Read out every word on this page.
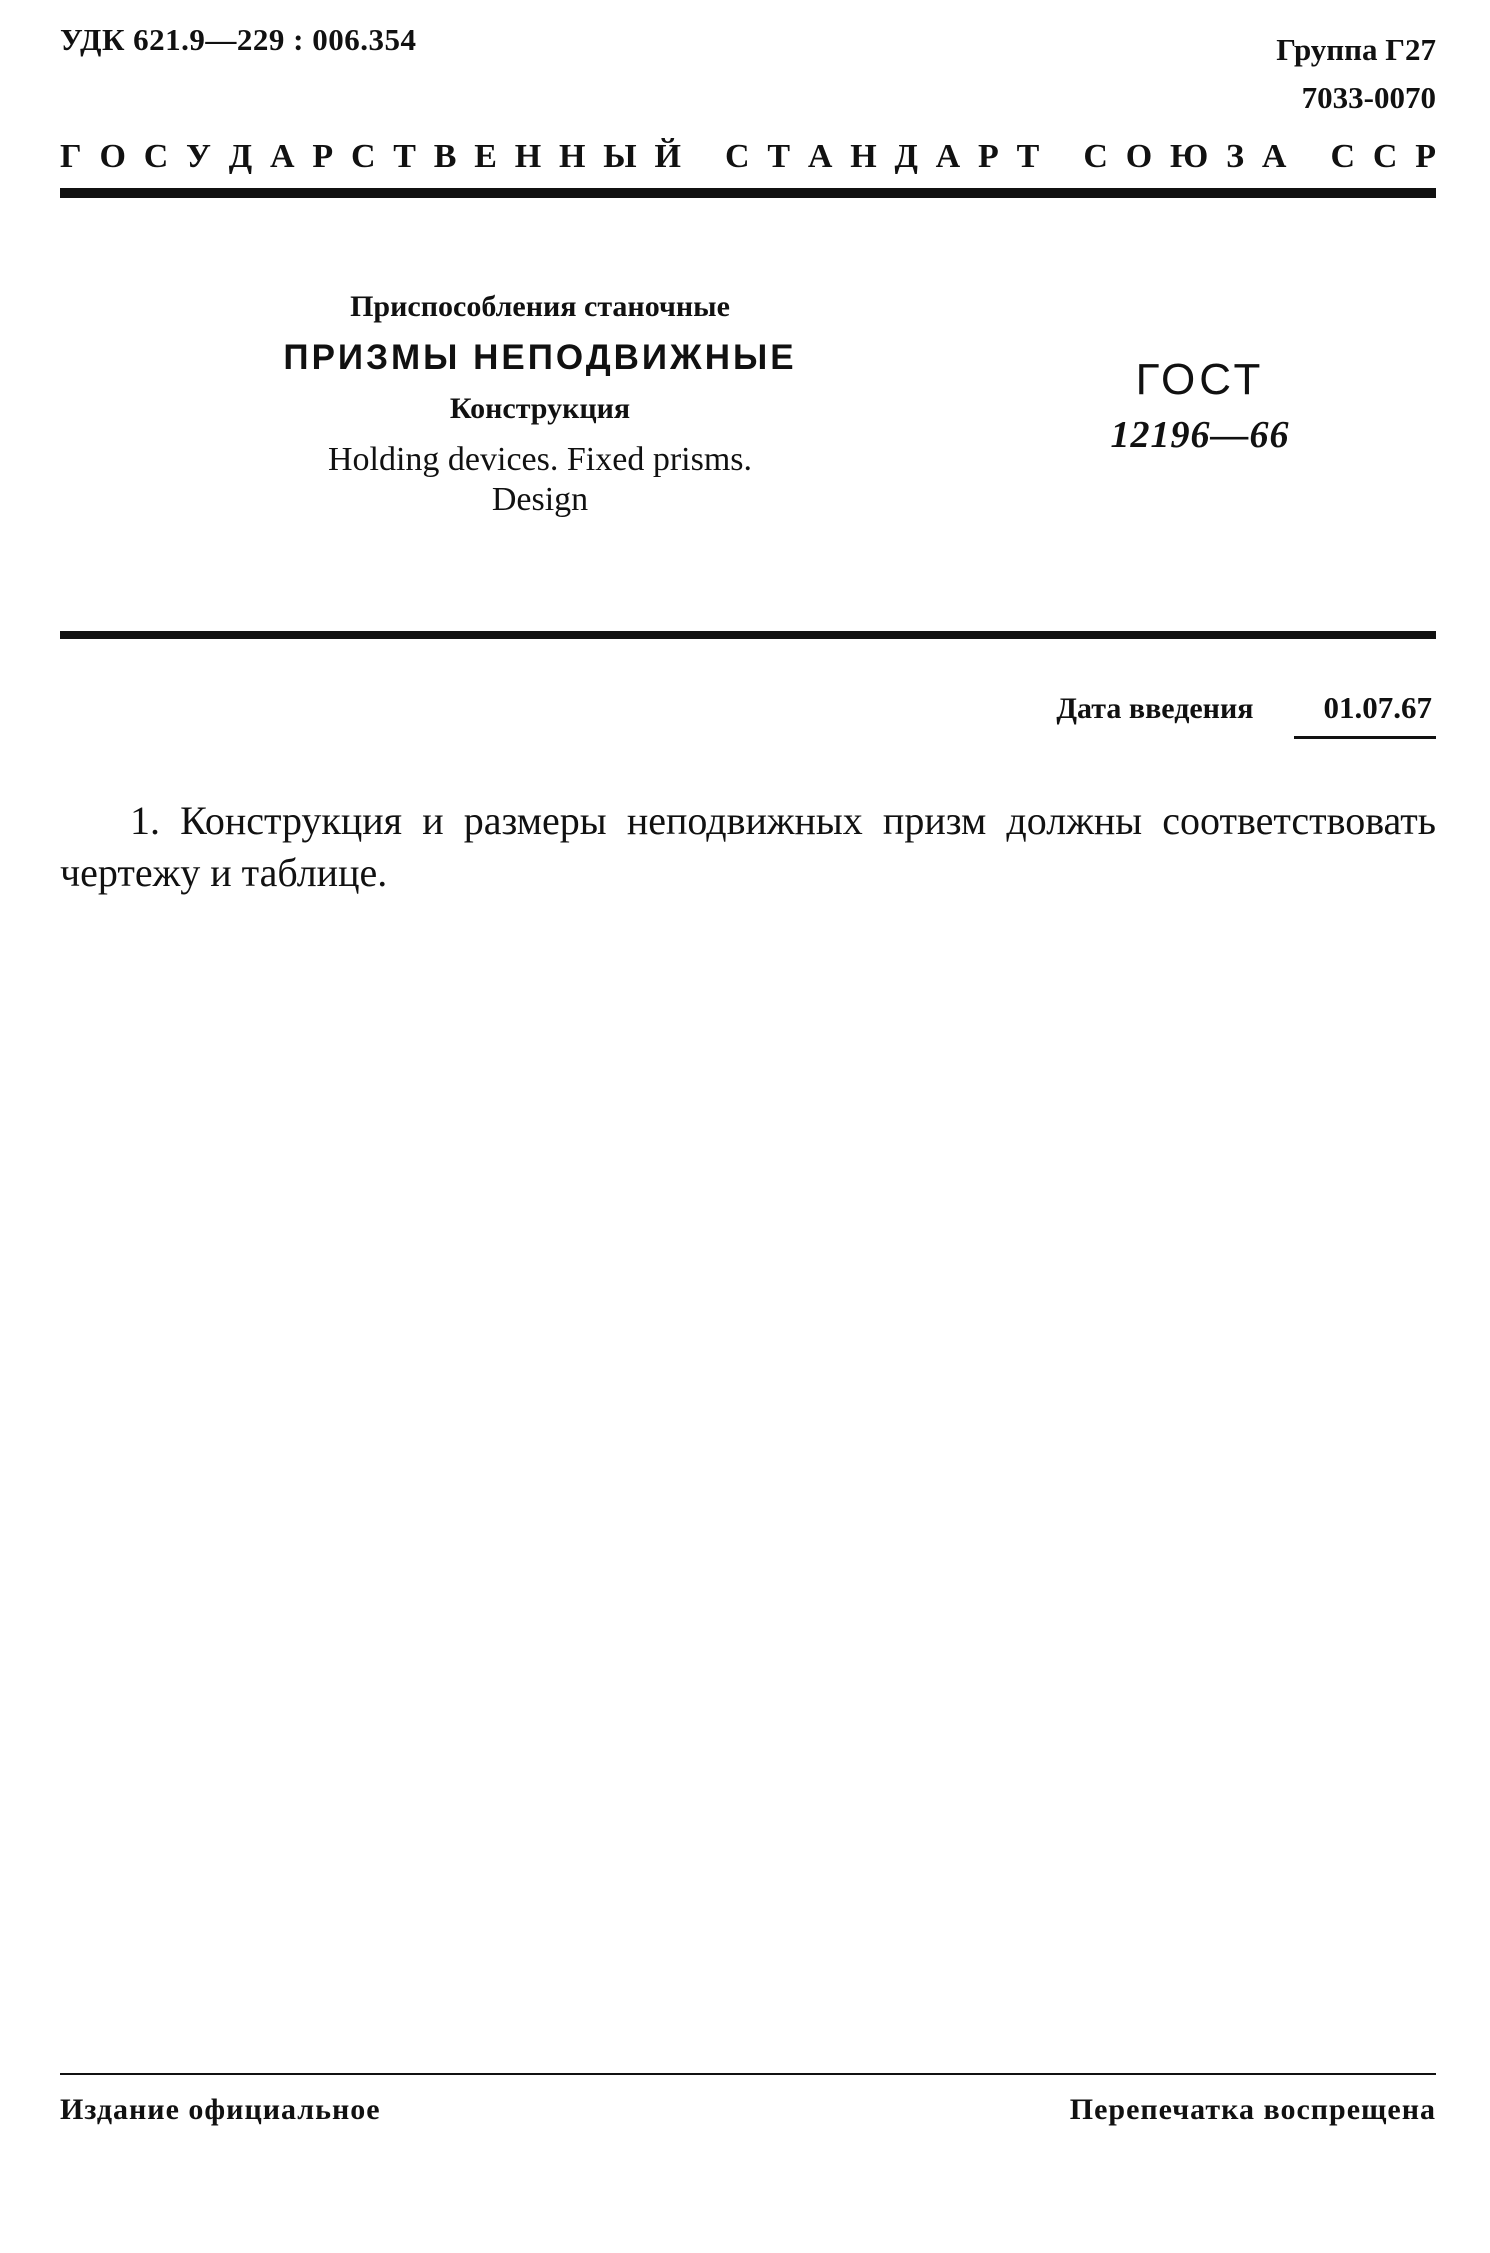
УДК 621.9—229 : 006.354	Группа Г27
7033-0070
Г О С У Д А Р С Т В Е Н Н Ы Й
С Т А Н Д А Р Т
С О Ю З А
С С Р
Приспособления станочные
ПРИЗМЫ НЕПОДВИЖНЫЕ
Конструкция
Holding devices. Fixed prisms.
Design
ГОСТ
12196—66
Дата введения	01.07.67
1. Конструкция и размеры неподвижных призм должны соответствовать чертежу и таблице.
Издание официальное	Перепечатка воспрещена
